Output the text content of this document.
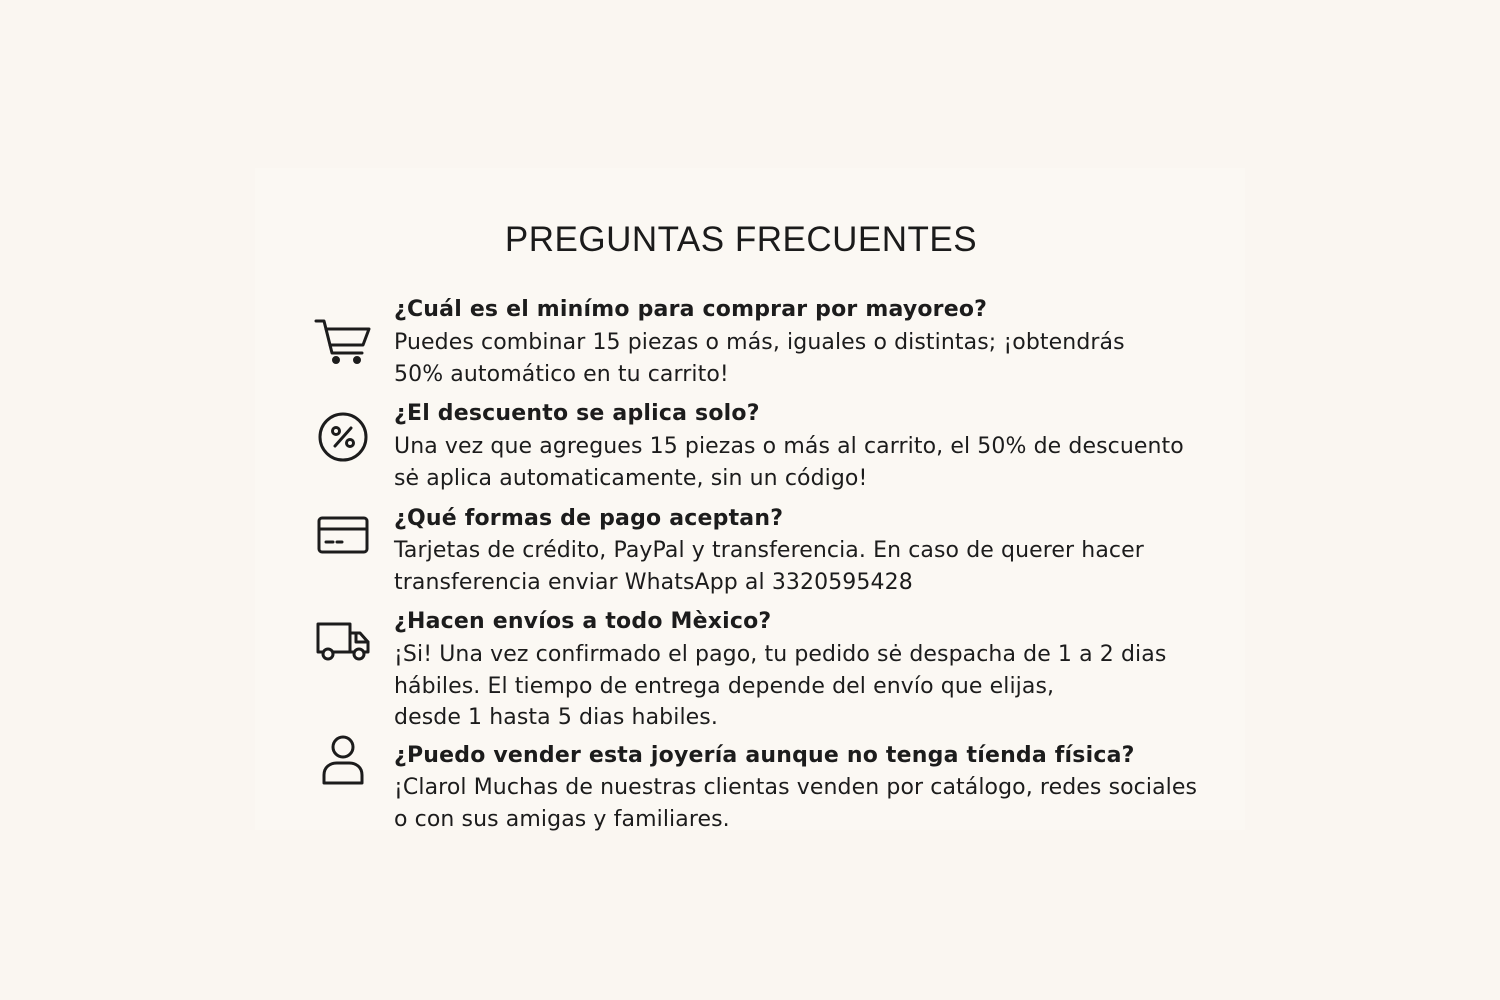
PREGUNTAS FRECUENTES
¿Cuál es el minímo para comprar por mayoreo?
Puedes combinar 15 piezas o más, iguales o distintas; ¡obtendrás
50% automático en tu carrito!
¿El descuento se aplica solo?
Una vez que agregues 15 piezas o más al carrito, el 50% de descuento
sė aplica automaticamente, sin un código!
¿Qué formas de pago aceptan?
Tarjetas de crédito, PayPal y transferencia. En caso de querer hacer
transferencia enviar WhatsApp al 3320595428
¿Hacen envíos a todo Mèxico?
¡Si! Una vez confirmado el pago, tu pedido sė despacha de 1 a 2 dias
hábiles. El tiempo de entrega depende del envío que elijas,
desde 1 hasta 5 dias habiles.
¿Puedo vender esta joyería aunque no tenga tíenda física?
¡Clarol Muchas de nuestras clientas venden por catálogo, redes sociales
o con sus amigas y familiares.
